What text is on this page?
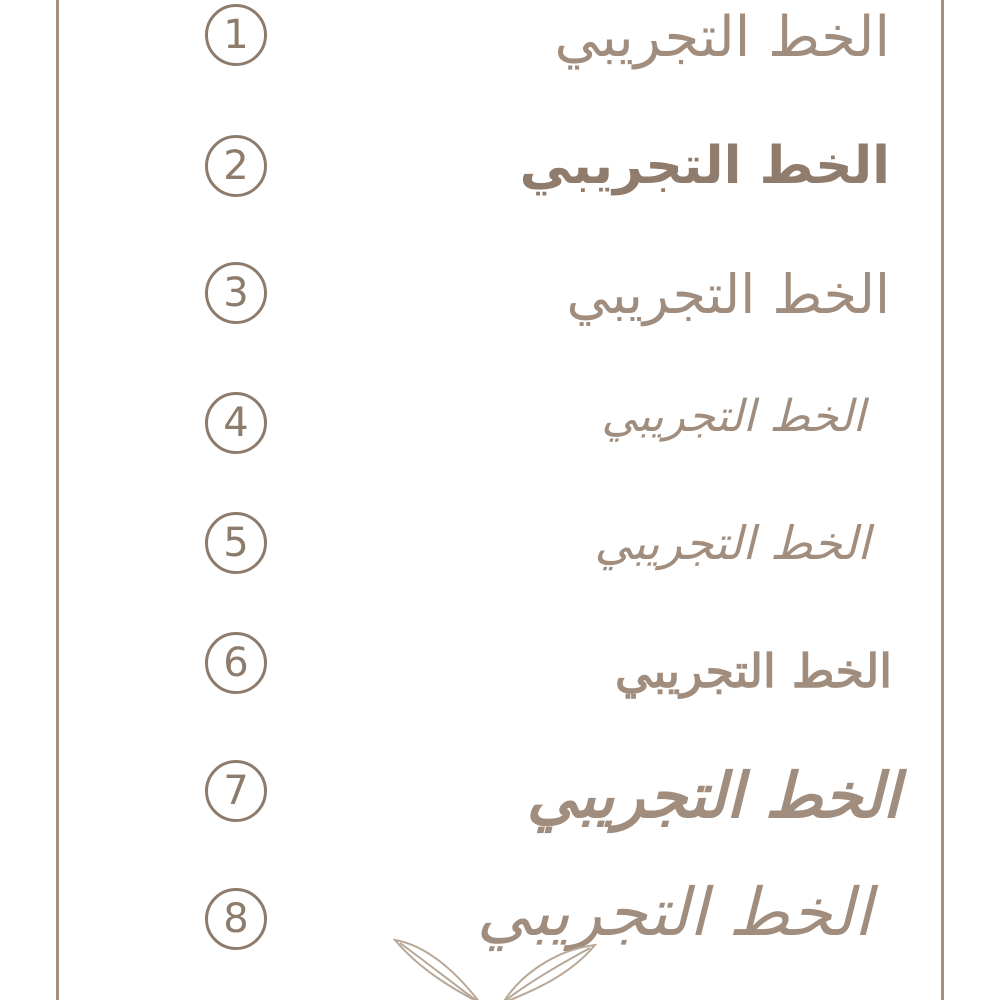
1	الخط التجريبي
2	الخط التجريبي
3	الخط التجريبي
4	الخط التجريبي
5	الخط التجريبي
6	الخط التجريبي
7	الخط التجريبي
8	الخط التجريبي
